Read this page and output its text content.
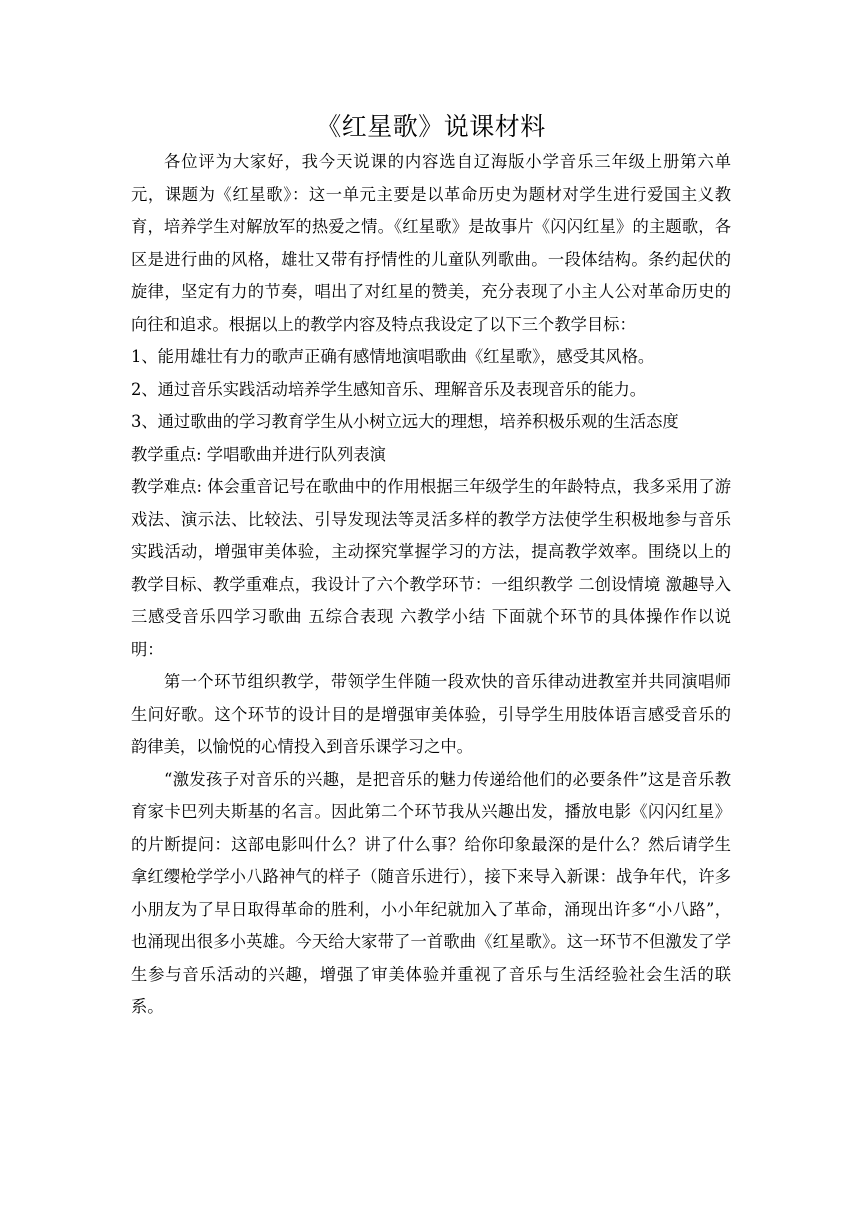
《红星歌》说课材料

各位评为大家好，我今天说课的内容选自辽海版小学音乐三年级上册第六单元，课题为《红星歌》：这一单元主要是以革命历史为题材对学生进行爱国主义教育，培养学生对解放军的热爱之情。《红星歌》是故事片《闪闪红星》的主题歌，各区是进行曲的风格，雄壮又带有抒情性的儿童队列歌曲。一段体结构。条约起伏的旋律，坚定有力的节奏，唱出了对红星的赞美，充分表现了小主人公对革命历史的向往和追求。根据以上的教学内容及特点我设定了以下三个教学目标：

1、能用雄壮有力的歌声正确有感情地演唱歌曲《红星歌》，感受其风格。

2、通过音乐实践活动培养学生感知音乐、理解音乐及表现音乐的能力。

3、通过歌曲的学习教育学生从小树立远大的理想，培养积极乐观的生活态度

教学重点: 学唱歌曲并进行队列表演

教学难点: 体会重音记号在歌曲中的作用根据三年级学生的年龄特点，我多采用了游戏法、演示法、比较法、引导发现法等灵活多样的教学方法使学生积极地参与音乐实践活动，增强审美体验，主动探究掌握学习的方法，提高教学效率。围绕以上的教学目标、教学重难点，我设计了六个教学环节：一组织教学 二创设情境 激趣导入三感受音乐四学习歌曲 五综合表现 六教学小结 下面就个环节的具体操作作以说明：

第一个环节组织教学，带领学生伴随一段欢快的音乐律动进教室并共同演唱师生问好歌。这个环节的设计目的是增强审美体验，引导学生用肢体语言感受音乐的韵律美，以愉悦的心情投入到音乐课学习之中。

“激发孩子对音乐的兴趣，是把音乐的魅力传递给他们的必要条件”这是音乐教育家卡巴列夫斯基的名言。因此第二个环节我从兴趣出发，播放电影《闪闪红星》的片断提问：这部电影叫什么？讲了什么事？给你印象最深的是什么？然后请学生拿红缨枪学学小八路神气的样子（随音乐进行），接下来导入新课：战争年代，许多小朋友为了早日取得革命的胜利，小小年纪就加入了革命，涌现出许多“小八路”，也涌现出很多小英雄。今天给大家带了一首歌曲《红星歌》。这一环节不但激发了学生参与音乐活动的兴趣，增强了审美体验并重视了音乐与生活经验社会生活的联系。
